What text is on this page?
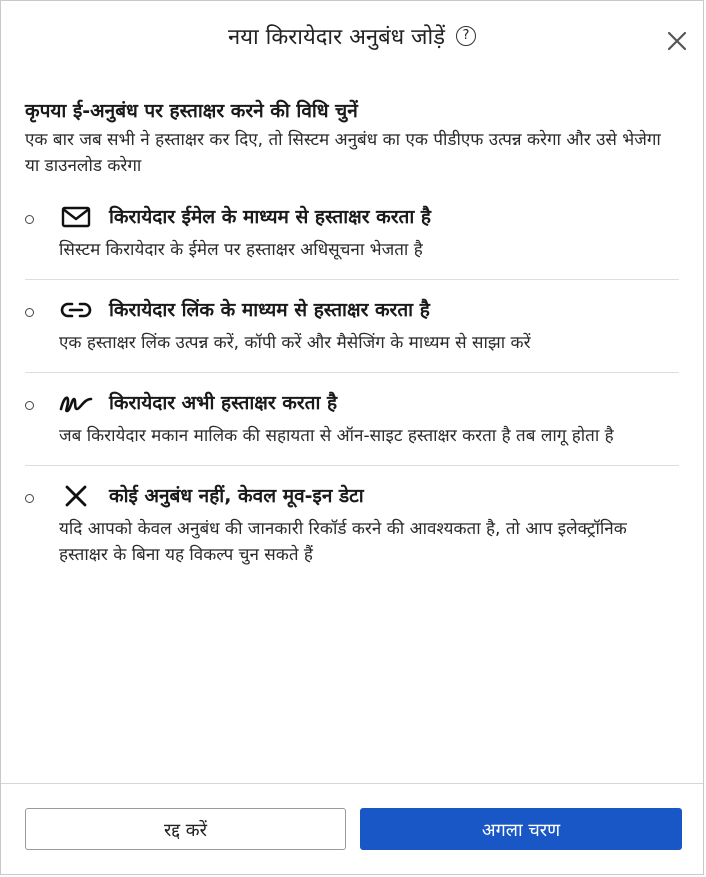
नया किरायेदार अनुबंध जोड़ें ?
कृपया ई-अनुबंध पर हस्ताक्षर करने की विधि चुनें
एक बार जब सभी ने हस्ताक्षर कर दिए, तो सिस्टम अनुबंध का एक पीडीएफ उत्पन्न करेगा और उसे भेजेगा या डाउनलोड करेगा
किरायेदार ईमेल के माध्यम से हस्ताक्षर करता है
सिस्टम किरायेदार के ईमेल पर हस्ताक्षर अधिसूचना भेजता है
किरायेदार लिंक के माध्यम से हस्ताक्षर करता है
एक हस्ताक्षर लिंक उत्पन्न करें, कॉपी करें और मैसेजिंग के माध्यम से साझा करें
किरायेदार अभी हस्ताक्षर करता है
जब किरायेदार मकान मालिक की सहायता से ऑन-साइट हस्ताक्षर करता है तब लागू होता है
कोई अनुबंध नहीं, केवल मूव-इन डेटा
यदि आपको केवल अनुबंध की जानकारी रिकॉर्ड करने की आवश्यकता है, तो आप इलेक्ट्रॉनिक हस्ताक्षर के बिना यह विकल्प चुन सकते हैं
रद्द करें	अगला चरण
